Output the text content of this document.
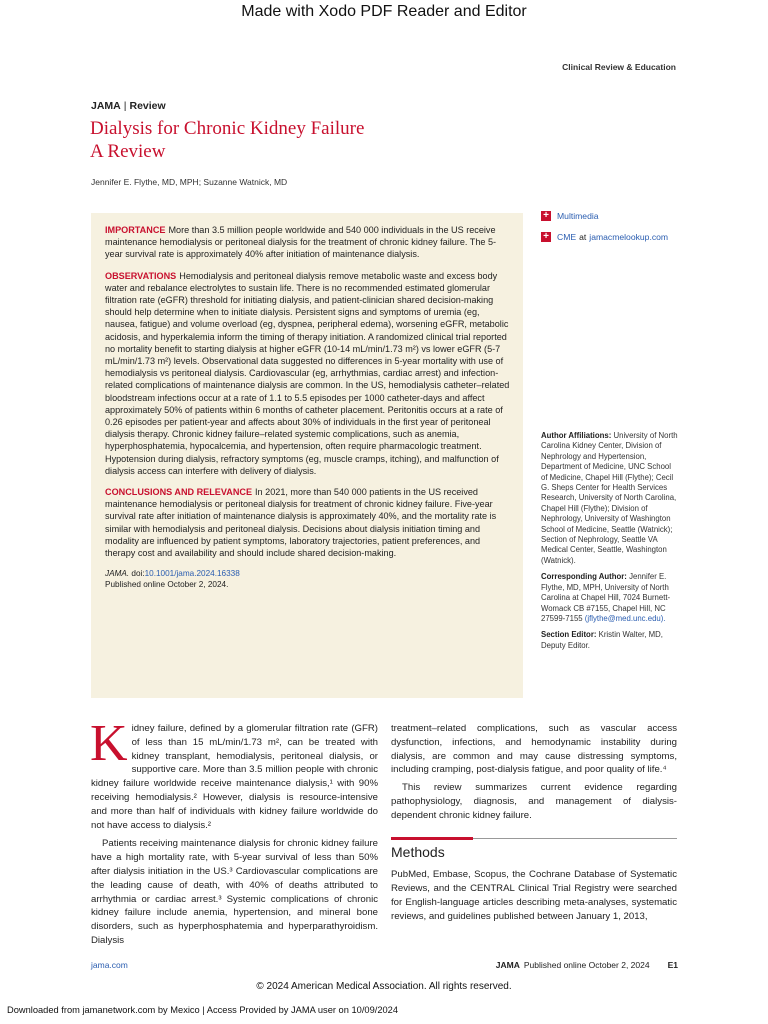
Made with Xodo PDF Reader and Editor
Clinical Review & Education
JAMA | Review
Dialysis for Chronic Kidney Failure
A Review
Jennifer E. Flythe, MD, MPH; Suzanne Watnick, MD

IMPORTANCE More than 3.5 million people worldwide and 540 000 individuals in the US receive maintenance hemodialysis or peritoneal dialysis for the treatment of chronic kidney failure. The 5-year survival rate is approximately 40% after initiation of maintenance dialysis.

OBSERVATIONS Hemodialysis and peritoneal dialysis remove metabolic waste and excess body water and rebalance electrolytes to sustain life. There is no recommended estimated glomerular filtration rate (eGFR) threshold for initiating dialysis, and patient-clinician shared decision-making should help determine when to initiate dialysis. Persistent signs and symptoms of uremia (eg, nausea, fatigue) and volume overload (eg, dyspnea, peripheral edema), worsening eGFR, metabolic acidosis, and hyperkalemia inform the timing of therapy initiation. A randomized clinical trial reported no mortality benefit to starting dialysis at higher eGFR (10-14 mL/min/1.73 m²) vs lower eGFR (5-7 mL/min/1.73 m²) levels. Observational data suggested no differences in 5-year mortality with use of hemodialysis vs peritoneal dialysis. Cardiovascular (eg, arrhythmias, cardiac arrest) and infection-related complications of maintenance dialysis are common. In the US, hemodialysis catheter–related bloodstream infections occur at a rate of 1.1 to 5.5 episodes per 1000 catheter-days and affect approximately 50% of patients within 6 months of catheter placement. Peritonitis occurs at a rate of 0.26 episodes per patient-year and affects about 30% of individuals in the first year of peritoneal dialysis therapy. Chronic kidney failure–related systemic complications, such as anemia, hyperphosphatemia, hypocalcemia, and hypertension, often require pharmacologic treatment. Hypotension during dialysis, refractory symptoms (eg, muscle cramps, itching), and malfunction of dialysis access can interfere with delivery of dialysis.

CONCLUSIONS AND RELEVANCE In 2021, more than 540 000 patients in the US received maintenance hemodialysis or peritoneal dialysis for treatment of chronic kidney failure. Five-year survival rate after initiation of maintenance dialysis is approximately 40%, and the mortality rate is similar with hemodialysis and peritoneal dialysis. Decisions about dialysis initiation timing and modality are influenced by patient symptoms, laboratory trajectories, patient preferences, and therapy cost and availability and should include shared decision-making.

JAMA. doi:10.1001/jama.2024.16338
Published online October 2, 2024.
+ Multimedia
+ CME at jamacmelookup.com

Author Affiliations: University of North Carolina Kidney Center, Division of Nephrology and Hypertension, Department of Medicine, UNC School of Medicine, Chapel Hill (Flythe); Cecil G. Sheps Center for Health Services Research, University of North Carolina, Chapel Hill (Flythe); Division of Nephrology, University of Washington School of Medicine, Seattle (Watnick); Section of Nephrology, Seattle VA Medical Center, Seattle, Washington (Watnick).

Corresponding Author: Jennifer E. Flythe, MD, MPH, University of North Carolina at Chapel Hill, 7024 Burnett-Womack CB #7155, Chapel Hill, NC 27599-7155 (jflythe@med.unc.edu).

Section Editor: Kristin Walter, MD, Deputy Editor.

Kidney failure, defined by a glomerular filtration rate (GFR) of less than 15 mL/min/1.73 m², can be treated with kidney transplant, hemodialysis, peritoneal dialysis, or supportive care. More than 3.5 million people with chronic kidney failure worldwide receive maintenance dialysis,¹ with 90% receiving hemodialysis.² However, dialysis is resource-intensive and more than half of individuals with kidney failure worldwide do not have access to dialysis.²

Patients receiving maintenance dialysis for chronic kidney failure have a high mortality rate, with 5-year survival of less than 50% after dialysis initiation in the US.³ Cardiovascular complications are the leading cause of death, with 40% of deaths attributed to arrhythmia or cardiac arrest.³ Systemic complications of chronic kidney failure include anemia, hypertension, and mineral bone disorders, such as hyperphosphatemia and hyperparathyroidism. Dialysis

treatment–related complications, such as vascular access dysfunction, infections, and hemodynamic instability during dialysis, are common and may cause distressing symptoms, including cramping, post-dialysis fatigue, and poor quality of life.⁴

This review summarizes current evidence regarding pathophysiology, diagnosis, and management of dialysis-dependent chronic kidney failure.

Methods

PubMed, Embase, Scopus, the Cochrane Database of Systematic Reviews, and the CENTRAL Clinical Trial Registry were searched for English-language articles describing meta-analyses, systematic reviews, and guidelines published between January 1, 2013,

jama.com	JAMA Published online October 2, 2024 E1
© 2024 American Medical Association. All rights reserved.
Downloaded from jamanetwork.com by Mexico | Access Provided by JAMA user on 10/09/2024
